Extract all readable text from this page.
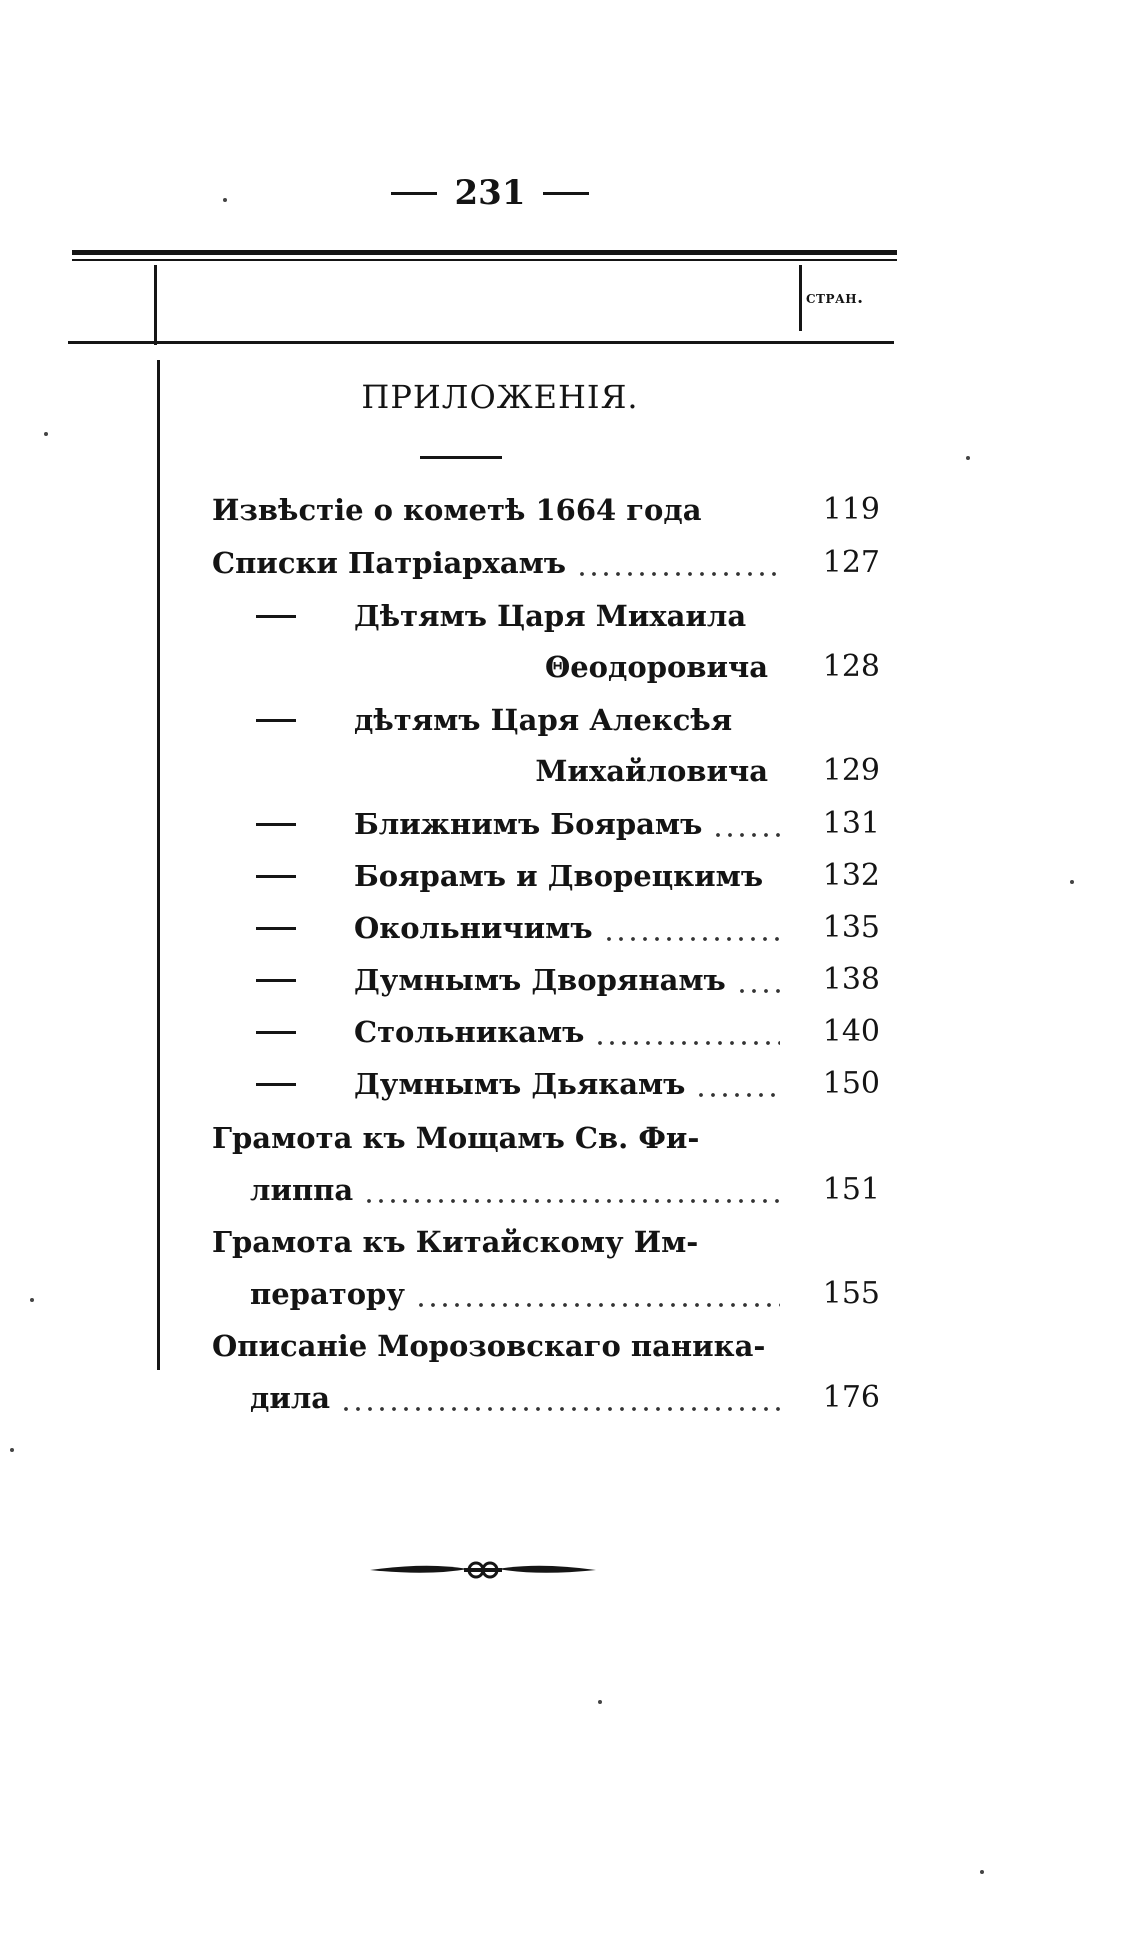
231
стран.
ПРИЛОЖЕНІЯ.
Извѣстіе о кометѣ 1664 года	119
Списки Патріархамъ	127
Дѣтямъ Царя Михаила
Θеодоровича	128
дѣтямъ Царя Алексѣя
Михайловича	129
Ближнимъ Боярамъ	131
Боярамъ и Дворецкимъ	132
Окольничимъ	135
Думнымъ Дворянамъ	138
Стольникамъ	140
Думнымъ Дьякамъ	150
Грамота къ Мощамъ Св. Фи-
липпа	151
Грамота къ Китайскому Им-
ператору	155
Описаніе Морозовскаго паника-
дила	176
